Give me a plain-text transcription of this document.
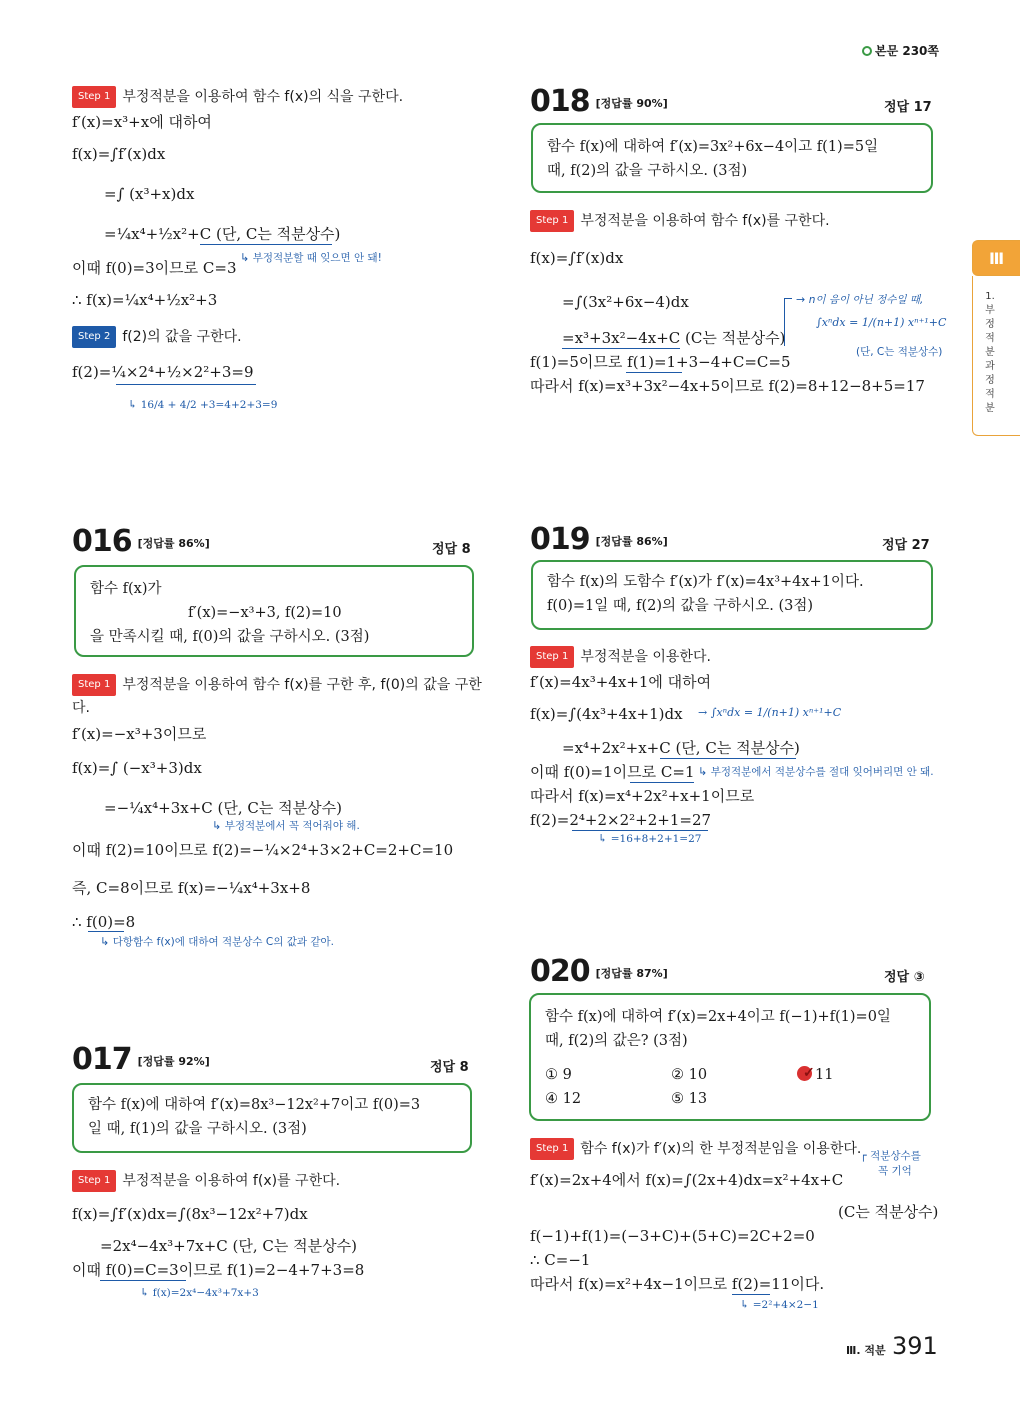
본문 230쪽
Step 1 부정적분을 이용하여 함수 f(x)의 식을 구한다.
f′(x)=x³+x에 대하여
f(x)=∫f′(x)dx
=∫ (x³+x)dx
=¼x⁴+½x²+C (단, C는 적분상수)
↳ 부정적분할 때 잊으면 안 돼!
이때 f(0)=3이므로 C=3
∴ f(x)=¼x⁴+½x²+3
Step 2 f(2)의 값을 구한다.
f(2)=¼×2⁴+½×2²+3=9
↳ 16/4 + 4/2 +3=4+2+3=9
016 [정답률 86%]	정답 8
함수 f(x)가
f′(x)=−x³+3, f(2)=10
을 만족시킬 때, f(0)의 값을 구하시오. (3점)
Step 1 부정적분을 이용하여 함수 f(x)를 구한 후, f(0)의 값을 구한
다.
f′(x)=−x³+3이므로
f(x)=∫ (−x³+3)dx
=−¼x⁴+3x+C (단, C는 적분상수)
↳ 부정적분에서 꼭 적어줘야 해.
이때 f(2)=10이므로 f(2)=−¼×2⁴+3×2+C=2+C=10
즉, C=8이므로 f(x)=−¼x⁴+3x+8
∴ f(0)=8
↳ 다항함수 f(x)에 대하여 적분상수 C의 값과 같아.
017 [정답률 92%]	정답 8
함수 f(x)에 대하여 f′(x)=8x³−12x²+7이고 f(0)=3
일 때, f(1)의 값을 구하시오. (3점)
Step 1 부정적분을 이용하여 f(x)를 구한다.
f(x)=∫f′(x)dx=∫(8x³−12x²+7)dx
=2x⁴−4x³+7x+C (단, C는 적분상수)
이때 f(0)=C=3이므로 f(1)=2−4+7+3=8
↳ f(x)=2x⁴−4x³+7x+3
018 [정답률 90%]	정답 17
함수 f(x)에 대하여 f′(x)=3x²+6x−4이고 f(1)=5일
때, f(2)의 값을 구하시오. (3점)
Step 1 부정적분을 이용하여 함수 f(x)를 구한다.
f(x)=∫f′(x)dx
=∫(3x²+6x−4)dx
=x³+3x²−4x+C (C는 적분상수)
f(1)=5이므로 f(1)=1+3−4+C=C=5
따라서 f(x)=x³+3x²−4x+5이므로 f(2)=8+12−8+5=17
→ n이 음이 아닌 정수일 때,
∫xⁿdx = 1/(n+1) xⁿ⁺¹+C
(단, C는 적분상수)
019 [정답률 86%]	정답 27
함수 f(x)의 도함수 f′(x)가 f′(x)=4x³+4x+1이다.
f(0)=1일 때, f(2)의 값을 구하시오. (3점)
Step 1 부정적분을 이용한다.
f′(x)=4x³+4x+1에 대하여
f(x)=∫(4x³+4x+1)dx → ∫xⁿdx = 1/(n+1) xⁿ⁺¹+C
=x⁴+2x²+x+C (단, C는 적분상수)
이때 f(0)=1이므로 C=1 ↳ 부정적분에서 적분상수를 절대 잊어버리면 안 돼.
따라서 f(x)=x⁴+2x²+x+1이므로
f(2)=2⁴+2×2²+2+1=27
↳ =16+8+2+1=27
020 [정답률 87%]	정답 ③
함수 f(x)에 대하여 f′(x)=2x+4이고 f(−1)+f(1)=0일
때, f(2)의 값은? (3점)
① 9	② 10	✓ 11
④ 12	⑤ 13
Step 1 함수 f(x)가 f′(x)의 한 부정적분임을 이용한다.
┌ 적분상수를
꼭 기억
f′(x)=2x+4에서 f(x)=∫(2x+4)dx=x²+4x+C
(C는 적분상수)
f(−1)+f(1)=(−3+C)+(5+C)=2C+2=0
∴ C=−1
따라서 f(x)=x²+4x−1이므로 f(2)=11이다.
↳ =2²+4×2−1
Ⅲ
1. 부정적분과 정적분
Ⅲ. 적분 391
